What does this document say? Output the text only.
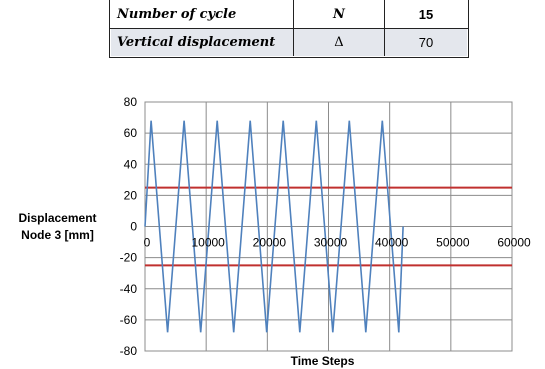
Number of cycle	N	15
Vertical displacement	Δ	70
Displacement
Node 3 [mm]
80
60
40
20
0
-20
-40
-60
-80
0	10000 20000 30000 40000 50000 60000
Time Steps
